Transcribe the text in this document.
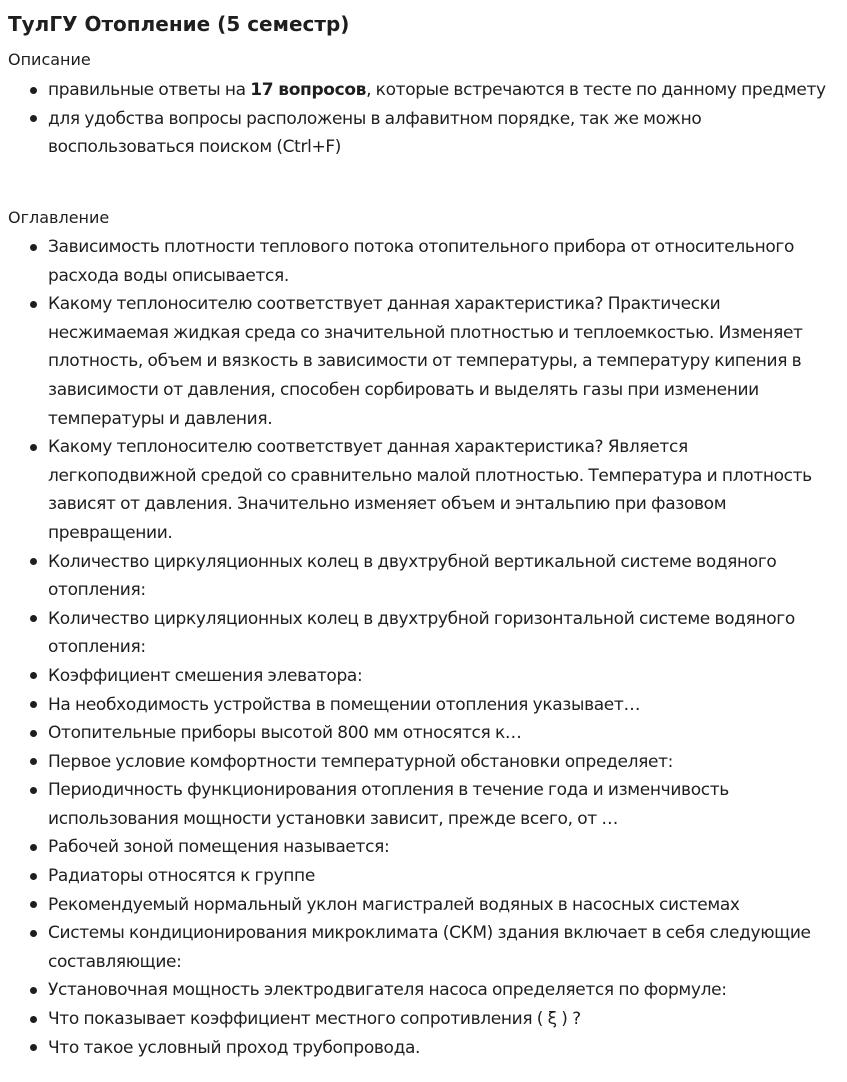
ТулГУ Отопление (5 семестр)
Описание
правильные ответы на 17 вопросов, которые встречаются в тесте по данному предмету
для удобства вопросы расположены в алфавитном порядке, так же можно воспользоваться поиском (Ctrl+F)
Оглавление
Зависимость плотности теплового потока отопительного прибора от относительного расхода воды описывается.
Какому теплоносителю соответствует данная характеристика? Практически несжимаемая жидкая среда со значительной плотностью и теплоемкостью. Изменяет плотность, объем и вязкость в зависимости от температуры, а температуру кипения в зависимости от давления, способен сорбировать и выделять газы при изменении температуры и давления.
Какому теплоносителю соответствует данная характеристика? Является легкоподвижной средой со сравнительно малой плотностью. Температура и плотность зависят от давления. Значительно изменяет объем и энтальпию при фазовом превращении.
Количество циркуляционных колец в двухтрубной вертикальной системе водяного отопления:
Количество циркуляционных колец в двухтрубной горизонтальной системе водяного отопления:
Коэффициент смешения элеватора:
На необходимость устройства в помещении отопления указывает…
Отопительные приборы высотой 800 мм относятся к…
Первое условие комфортности температурной обстановки определяет:
Периодичность функционирования отопления в течение года и изменчивость использования мощности установки зависит, прежде всего, от …
Рабочей зоной помещения называется:
Радиаторы относятся к группе
Рекомендуемый нормальный уклон магистралей водяных в насосных системах
Системы кондиционирования микроклимата (СКМ) здания включает в себя следующие составляющие:
Установочная мощность электродвигателя насоса определяется по формуле:
Что показывает коэффициент местного сопротивления ( ξ ) ?
Что такое условный проход трубопровода.
